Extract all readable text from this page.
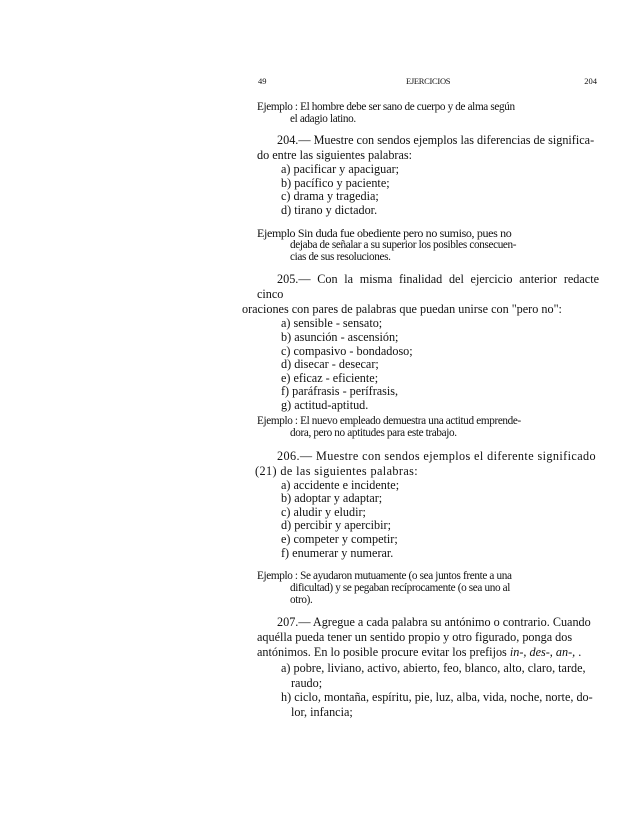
49	EJERCICIOS	204
Ejemplo : El hombre debe ser sano de cuerpo y de alma según
el adagio latino.
204.— Muestre con sendos ejemplos las diferencias de significa-
do entre las siguientes palabras:
a) pacificar y apaciguar;
b) pacífico y paciente;
c) drama y tragedia;
d) tirano y dictador.
Ejemplo Sin duda fue obediente pero no sumiso, pues no
dejaba de señalar a su superior los posibles consecuen-
cias de sus resoluciones.
205.— Con la misma finalidad del ejercicio anterior redacte cinco
oraciones con pares de palabras que puedan unirse con "pero no":
a) sensible - sensato;
b) asunción - ascensión;
c) compasivo - bondadoso;
d) disecar - desecar;
e) eficaz - eficiente;
f) paráfrasis - perífrasis,
g) actitud-aptitud.
Ejemplo : El nuevo empleado demuestra una actitud emprende-
dora, pero no aptitudes para este trabajo.
206.— Muestre con sendos ejemplos el diferente significado
(21) de las siguientes palabras:
a) accidente e incidente;
b) adoptar y adaptar;
c) aludir y eludir;
d) percibir y apercibir;
e) competer y competir;
f) enumerar y numerar.
Ejemplo : Se ayudaron mutuamente (o sea juntos frente a una
dificultad) y se pegaban recíprocamente (o sea uno al
otro).
207.— Agregue a cada palabra su antónimo o contrario. Cuando
aquélla pueda tener un sentido propio y otro figurado, ponga dos
antónimos. En lo posible procure evitar los prefijos in-, des-, an-, .
a) pobre, liviano, activo, abierto, feo, blanco, alto, claro, tarde,
raudo;
h) ciclo, montaña, espíritu, pie, luz, alba, vida, noche, norte, do-
lor, infancia;
